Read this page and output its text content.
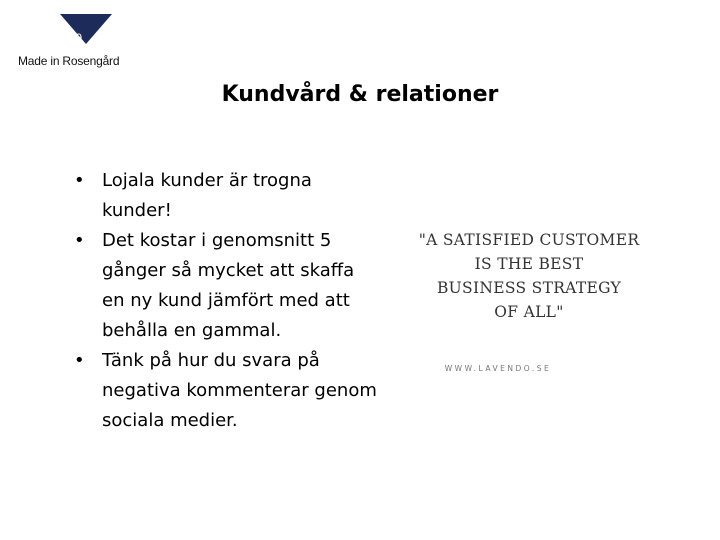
040
Made in Rosengård
Kundvård & relationer
• Lojala kunder är trogna kunder!
• Det kostar i genomsnitt 5 gånger så mycket att skaffa en ny kund jämfört med att behålla en gammal.
• Tänk på hur du svara på negativa kommenterar genom sociala medier.
"A SATISFIED CUSTOMER
IS THE BEST
BUSINESS STRATEGY
OF ALL"
WWW.LAVENDO.SE
